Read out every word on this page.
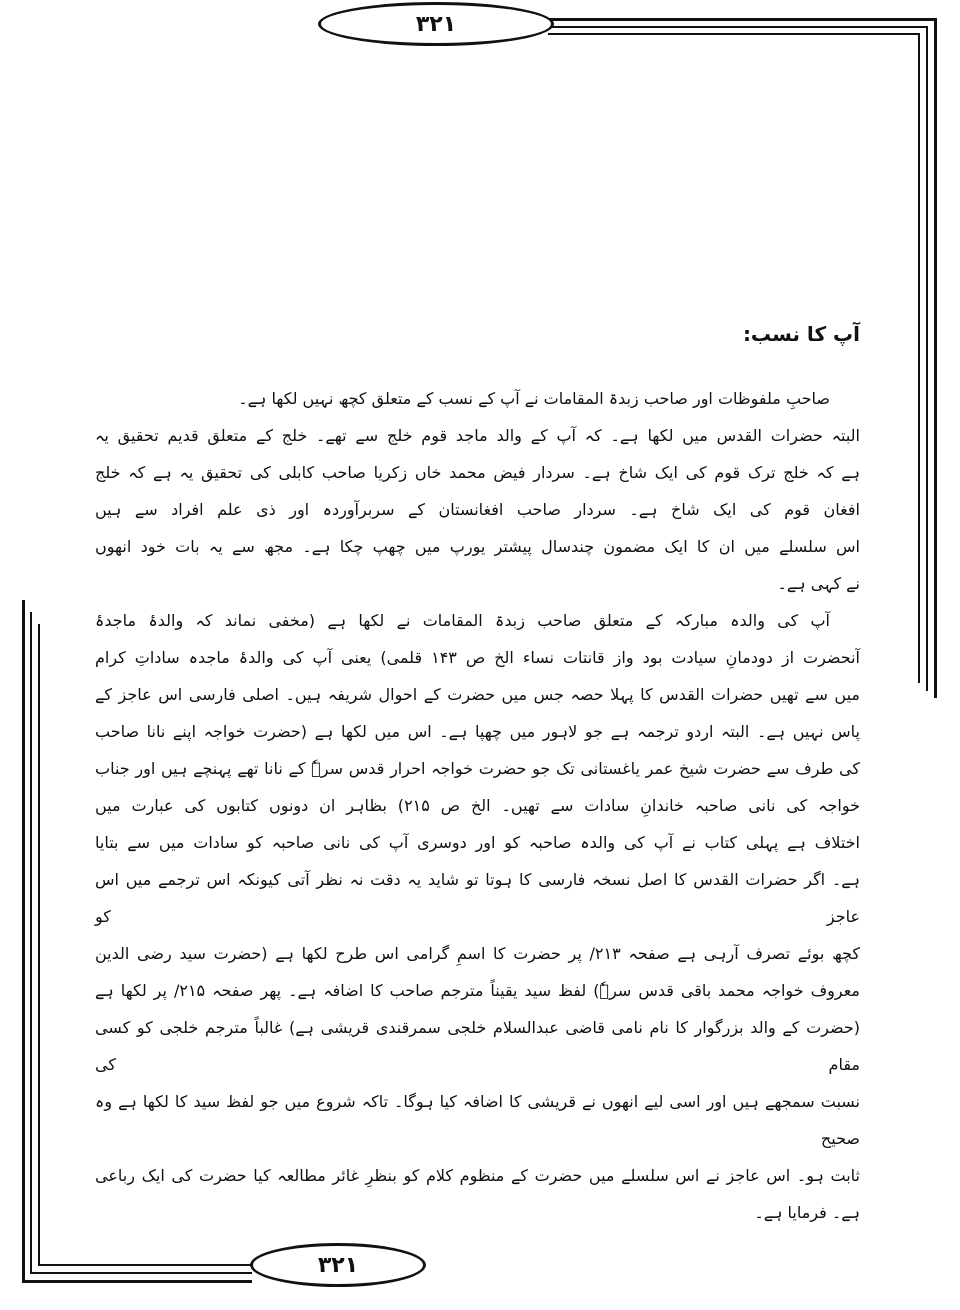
۳۲۱
۳۲۱
آپ کا نسب:
صاحبِ ملفوظات اور صاحب زبدۃ المقامات نے آپ کے نسب کے متعلق کچھ نہیں لکھا ہے۔
البتہ حضرات القدس میں لکھا ہے۔ کہ آپ کے والد ماجد قوم خلج سے تھے۔ خلج کے متعلق قدیم تحقیق یہ
ہے کہ خلج ترک قوم کی ایک شاخ ہے۔ سردار فیض محمد خاں زکریا صاحب کابلی کی تحقیق یہ ہے کہ خلج
افغان قوم کی ایک شاخ ہے۔ سردار صاحب افغانستان کے سربرآوردہ اور ذی علم افراد سے ہیں
اس سلسلے میں ان کا ایک مضمون چندسال پیشتر یورپ میں چھپ چکا ہے۔ مجھ سے یہ بات خود انھوں
نے کہی ہے۔
آپ کی والدہ مبارکہ کے متعلق صاحب زبدۃ المقامات نے لکھا ہے (مخفی نماند کہ والدۂ ماجدۂ
آنحضرت از دودمانِ سیادت بود واز قانتات نساء الخ ص ۱۴۳ قلمی) یعنی آپ کی والدۂ ماجدہ ساداتِ کرام
میں سے تھیں حضرات القدس کا پہلا حصہ جس میں حضرت کے احوال شریفہ ہیں۔ اصلی فارسی اس عاجز کے
پاس نہیں ہے۔ البتہ اردو ترجمہ ہے جو لاہور میں چھپا ہے۔ اس میں لکھا ہے (حضرت خواجہ اپنے نانا صاحب
کی طرف سے حضرت شیخ عمر یاغستانی تک جو حضرت خواجہ احرار قدس سرہٗ کے نانا تھے پہنچے ہیں اور جناب
خواجہ کی نانی صاحبہ خاندانِ سادات سے تھیں۔ الخ ص ۲۱۵) بظاہر ان دونوں کتابوں کی عبارت میں
اختلاف ہے پہلی کتاب نے آپ کی والدہ صاحبہ کو اور دوسری آپ کی نانی صاحبہ کو سادات میں سے بتایا
ہے۔ اگر حضرات القدس کا اصل نسخہ فارسی کا ہوتا تو شاید یہ دقت نہ نظر آتی کیونکہ اس ترجمے میں اس عاجز کو
کچھ بوئے تصرف آرہی ہے صفحہ ۲۱۳/ پر حضرت کا اسمِ گرامی اس طرح لکھا ہے (حضرت سید رضی الدین
معروف خواجہ محمد باقی قدس سرہٗ) لفظ سید یقیناً مترجم صاحب کا اضافہ ہے۔ پھر صفحہ ۲۱۵/ پر لکھا ہے
(حضرت کے والد بزرگوار کا نام نامی قاضی عبدالسلام خلجی سمرقندی قریشی ہے) غالباً مترجم خلجی کو کسی مقام کی
نسبت سمجھے ہیں اور اسی لیے انھوں نے قریشی کا اضافہ کیا ہوگا۔ تاکہ شروع میں جو لفظ سید کا لکھا ہے وہ صحیح
ثابت ہو۔ اس عاجز نے اس سلسلے میں حضرت کے منظوم کلام کو بنظرِ غائر مطالعہ کیا حضرت کی ایک رباعی
ہے۔ فرمایا ہے۔
